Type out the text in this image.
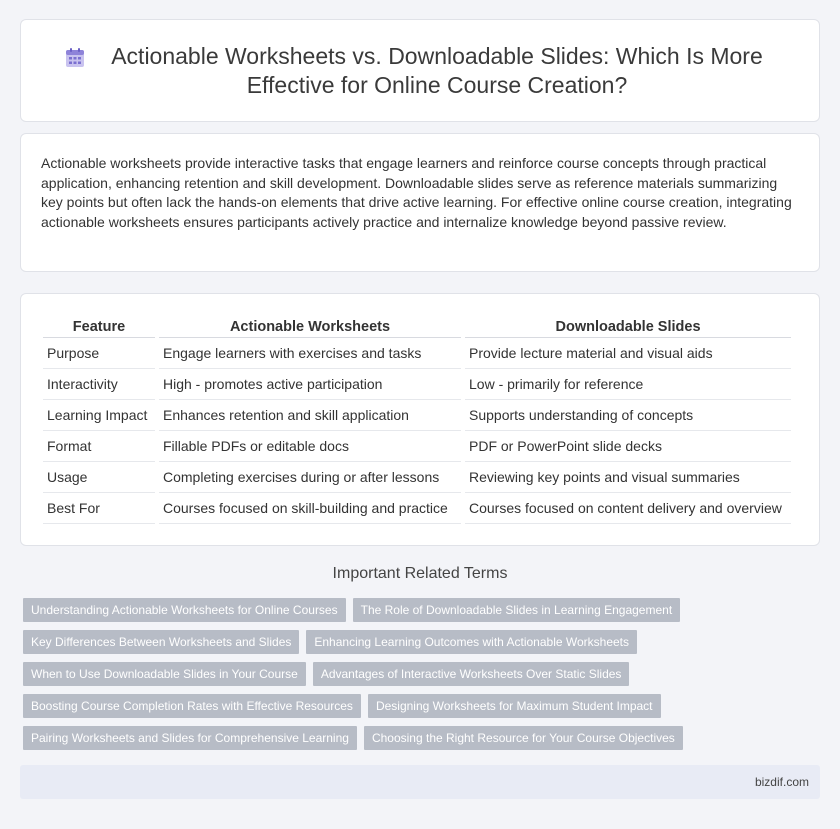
Actionable Worksheets vs. Downloadable Slides: Which Is More Effective for Online Course Creation?

Actionable worksheets provide interactive tasks that engage learners and reinforce course concepts through practical application, enhancing retention and skill development. Downloadable slides serve as reference materials summarizing key points but often lack the hands-on elements that drive active learning. For effective online course creation, integrating actionable worksheets ensures participants actively practice and internalize knowledge beyond passive review.

Feature	Actionable Worksheets	Downloadable Slides
Purpose	Engage learners with exercises and tasks	Provide lecture material and visual aids
Interactivity	High - promotes active participation	Low - primarily for reference
Learning Impact	Enhances retention and skill application	Supports understanding of concepts
Format	Fillable PDFs or editable docs	PDF or PowerPoint slide decks
Usage	Completing exercises during or after lessons	Reviewing key points and visual summaries
Best For	Courses focused on skill-building and practice	Courses focused on content delivery and overview
Important Related Terms
Understanding Actionable Worksheets for Online Courses	The Role of Downloadable Slides in Learning Engagement
Key Differences Between Worksheets and Slides	Enhancing Learning Outcomes with Actionable Worksheets
When to Use Downloadable Slides in Your Course	Advantages of Interactive Worksheets Over Static Slides
Boosting Course Completion Rates with Effective Resources	Designing Worksheets for Maximum Student Impact
Pairing Worksheets and Slides for Comprehensive Learning	Choosing the Right Resource for Your Course Objectives
bizdif.com
